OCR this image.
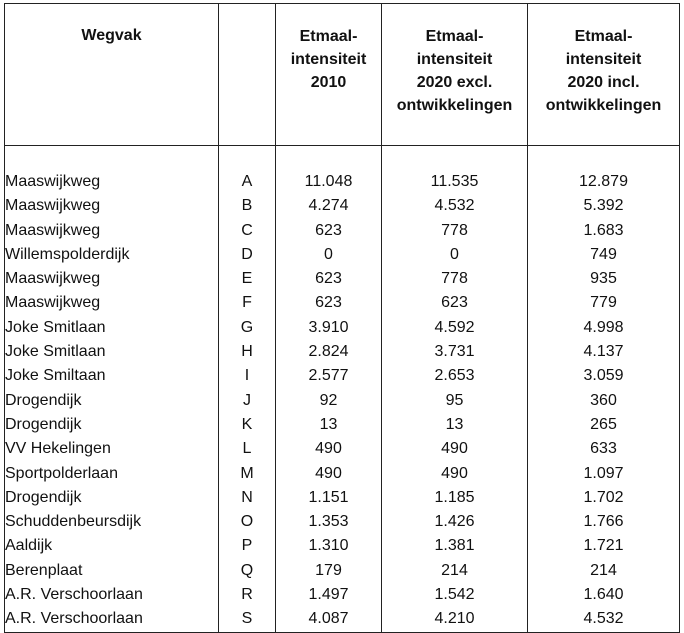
Wegvak		Etmaal-
intensiteit
2010	Etmaal-
intensiteit
2020 excl.
ontwikkelingen	Etmaal-
intensiteit
2020 incl.
ontwikkelingen

Maaswijkweg	A	11.048	11.535	12.879
Maaswijkweg	B	4.274	4.532	5.392
Maaswijkweg	C	623	778	1.683
Willemspolderdijk	D	0	0	749
Maaswijkweg	E	623	778	935
Maaswijkweg	F	623	623	779
Joke Smitlaan	G	3.910	4.592	4.998
Joke Smitlaan	H	2.824	3.731	4.137
Joke Smiltaan	I	2.577	2.653	3.059
Drogendijk	J	92	95	360
Drogendijk	K	13	13	265
VV Hekelingen	L	490	490	633
Sportpolderlaan	M	490	490	1.097
Drogendijk	N	1.151	1.185	1.702
Schuddenbeursdijk	O	1.353	1.426	1.766
Aaldijk	P	1.310	1.381	1.721
Berenplaat	Q	179	214	214
A.R. Verschoorlaan	R	1.497	1.542	1.640
A.R. Verschoorlaan	S	4.087	4.210	4.532
